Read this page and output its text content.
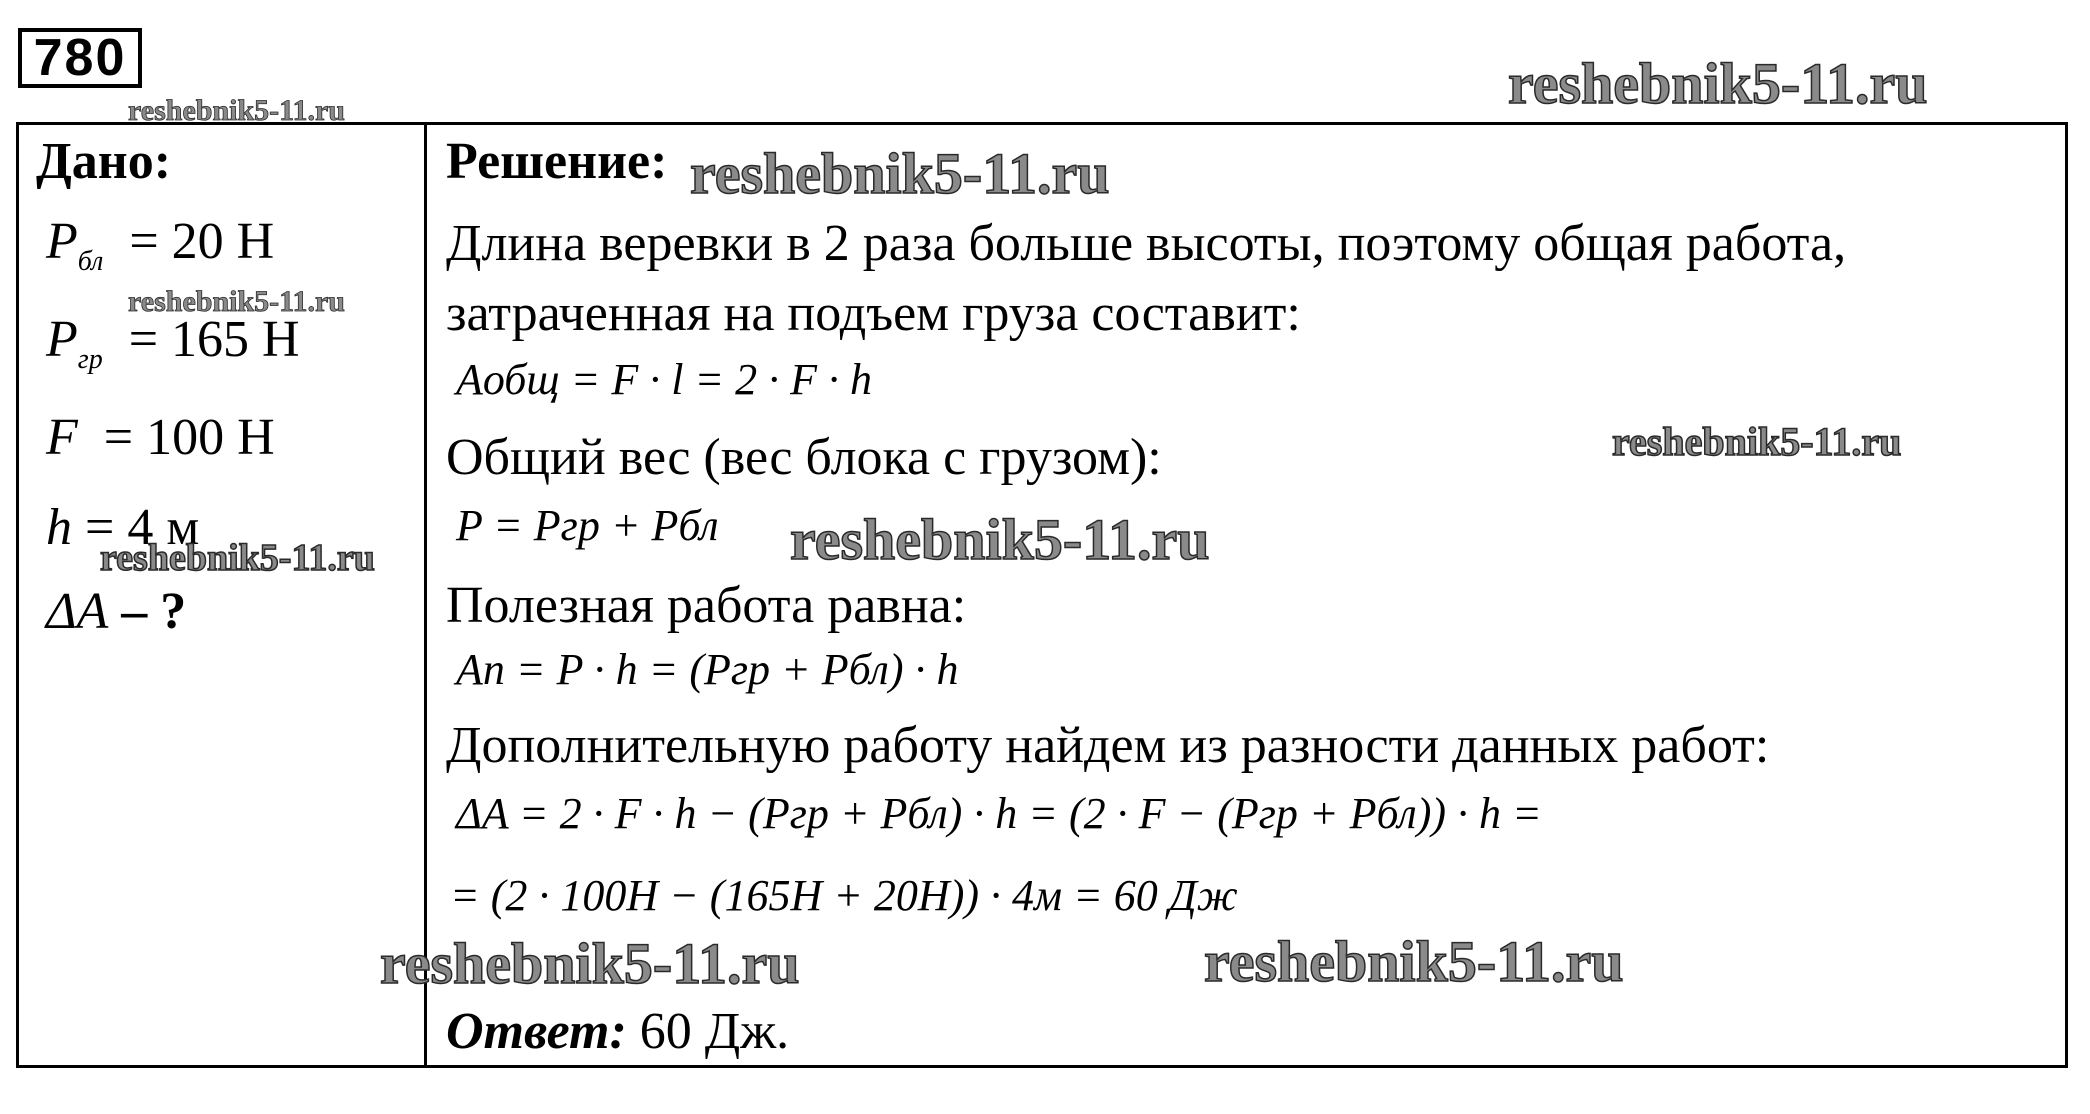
780	reshebnik5-11.ru
reshebnik5-11.ru
Дано:
$P_{бл} = 20$ Н
reshebnik5-11.ru
$P_{гр} = 165$ Н
F = 100 Н
h = 4 м
reshebnik5-11.ru
ΔA – ?
Решение: reshebnik5-11.ru
Длина веревки в 2 раза больше высоты, поэтому общая работа,
затраченная на подъем груза составит:
Aобщ = F · l = 2 · F · h
Общий вес (вес блока с грузом):	reshebnik5-11.ru
P = Pгр + Pбл reshebnik5-11.ru
Полезная работа равна:
Aп = P · h = (Pгр + Pбл) · h
Дополнительную работу найдем из разности данных работ:
ΔA = 2 · F · h − (Pгр + Pбл) · h = (2 · F − (Pгр + Pбл)) · h =
= (2 · 100H − (165H + 20H)) · 4м = 60 Дж
reshebnik5-11.ru	reshebnik5-11.ru
Ответ: 60 Дж.
